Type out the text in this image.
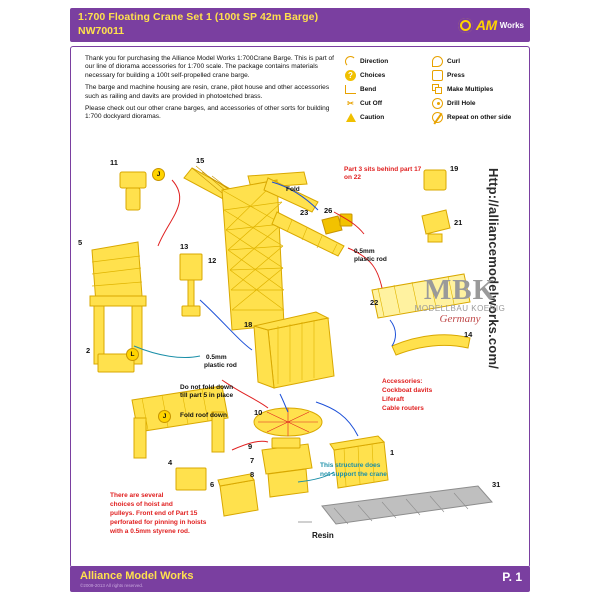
1:700 Floating Crane Set 1 (100t SP 42m Barge)
NW70011	AM Works

Thank you for purchasing the Alliance Model Works 1:700Crane Barge. This is part of our line of diorama accessories for 1:700 scale. The package contains materials necessary for building a 100t self-propelled crane barge.

The barge and machine housing are resin, crane, pilot house and other accessories such as railing and davits are provided in photoetched brass.

Please check out our other crane barges, and accessories of other sorts for building 1:700 dockyard dioramas.

Direction	Curl
?	Choices	Press
Bend	Make Multiples
✂ Cut Off	Drill Hole
Caution	Repeat on other side
11	15
19
21
5	13
12
18
23 26
22
14
2
10
9
7
8
1
4
6	31
J
L
J
Part 3 sits behind part 17 on 22
Fold
0.5mm
plastic rod
0.5mm
plastic rod
Do not fold down
till part 5 in place
Fold roof down
Accessories:
Cockboat davits
Liferaft
Cable routers
This structure does
not support the crane
There are several
choices of hoist and
pulleys. Front end of Part 15
perforated for pinning in hoists
with a 0.5mm styrene rod.	Resin
Http://alliancemodelworks.com/
MBK
MODELLBAU KOENIG
Germany
Alliance Model Works
©2009-2013 All rights reserved.
P. 1
